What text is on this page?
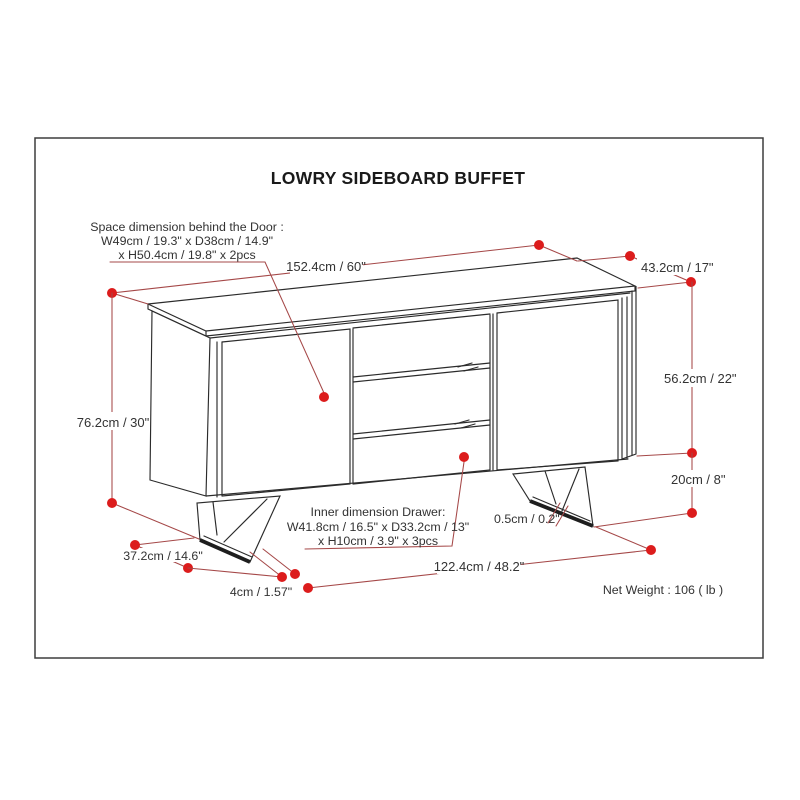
LOWRY SIDEBOARD BUFFET
152.4cm / 60"	43.2cm / 17"
56.2cm / 22"
20cm / 8"
76.2cm / 30"
37.2cm / 14.6"
4cm / 1.57"
122.4cm / 48.2"
0.5cm / 0.2"
Space dimension behind the Door :
W49cm / 19.3" x D38cm / 14.9"
x H50.4cm / 19.8" x 2pcs
Inner dimension Drawer:
W41.8cm / 16.5" x D33.2cm / 13"
x H10cm / 3.9" x 3pcs
Net Weight : 106 ( lb )
